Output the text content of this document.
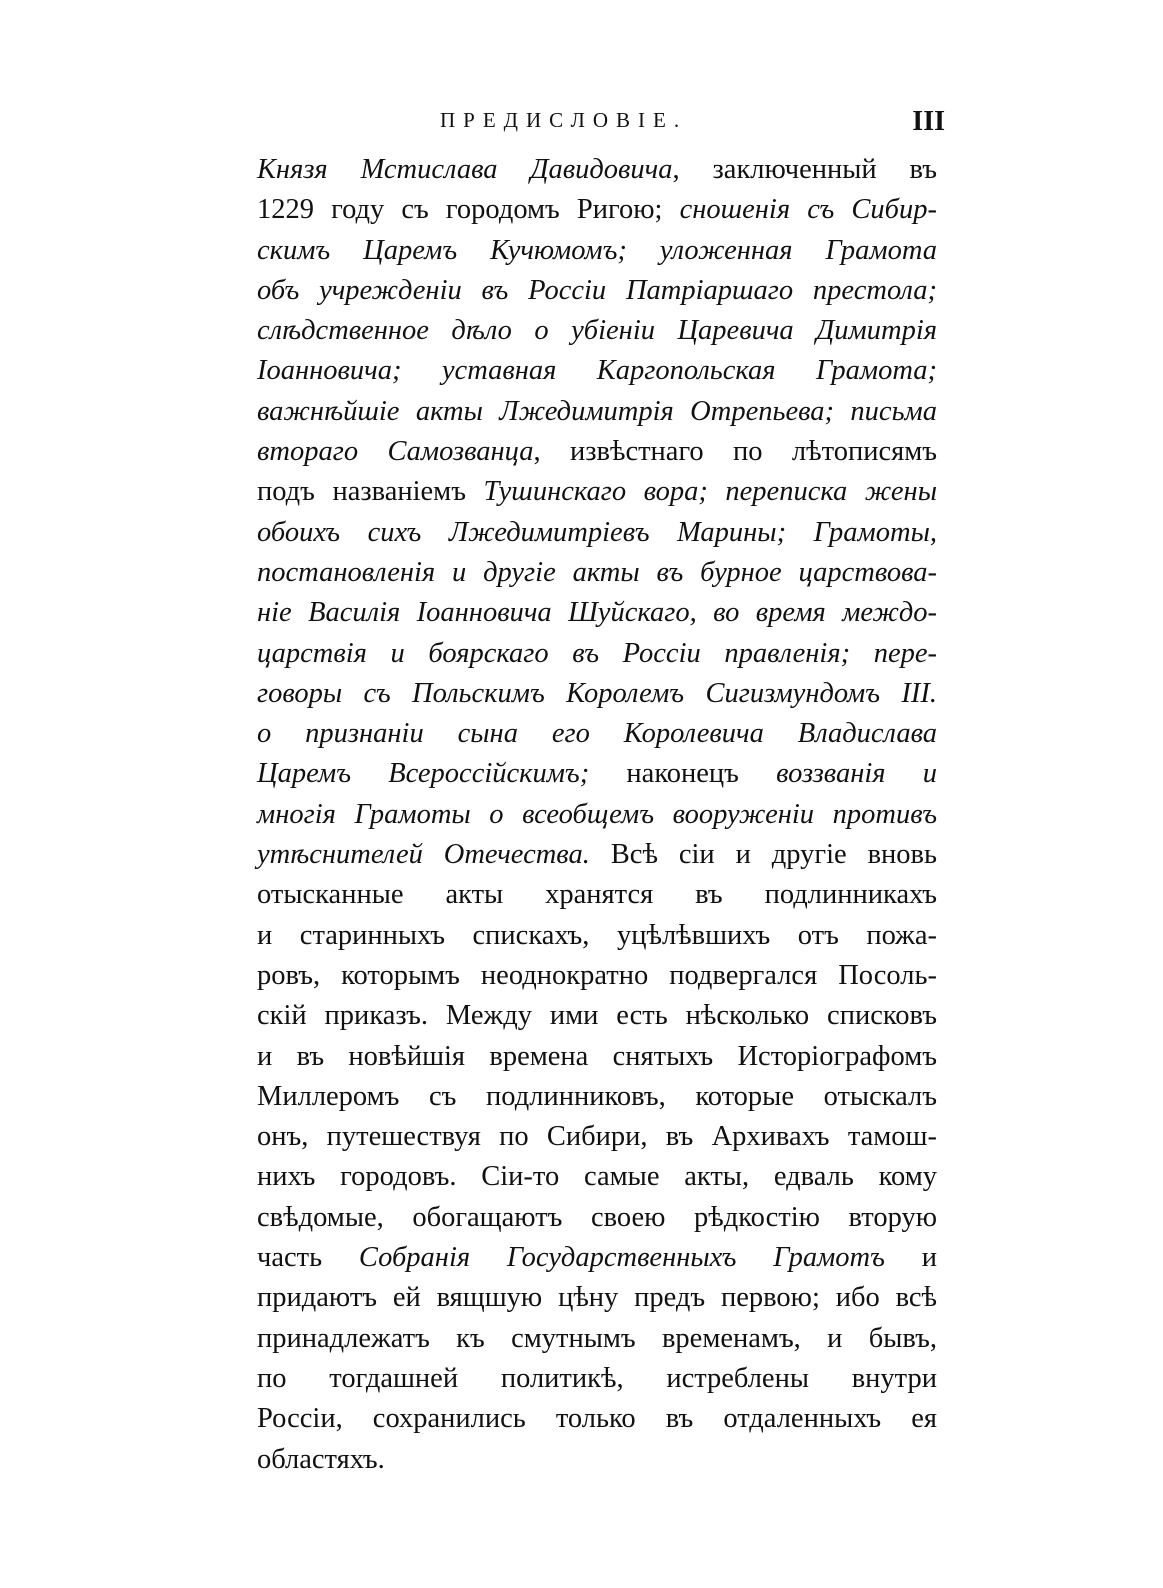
ПРЕДИСЛОВІЕ.	III
Князя Мстислава Давидовича, заключенный въ
1229 году съ городомъ Ригою; сношенія съ Сибир-
скимъ Царемъ Кучюмомъ; уложенная Грамота
объ учрежденіи въ Россіи Патріаршаго престола;
слѣдственное дѣло о убіеніи Царевича Димитрія
Іоанновича; уставная Каргопольская Грамота;
важнѣйшіе акты Лжедимитрія Отрепьева; письма
втораго Самозванца, извѣстнаго по лѣтописямъ
подъ названіемъ Тушинскаго вора; переписка жены
обоихъ сихъ Лжедимитріевъ Марины; Грамоты,
постановленія и другіе акты въ бурное царствова-
ніе Василія Іоанновича Шуйскаго, во время междо-
царствія и боярскаго въ Россіи правленія; пере-
говоры съ Польскимъ Королемъ Сигизмундомъ III.
о признаніи сына его Королевича Владислава
Царемъ Всероссійскимъ; наконецъ воззванія и
многія Грамоты о всеобщемъ вооруженіи противъ
утѣснителей Отечества. Всѣ сіи и другіе вновь
отысканные акты хранятся въ подлинникахъ
и старинныхъ спискахъ, уцѣлѣвшихъ отъ пожа-
ровъ, которымъ неоднократно подвергался Посоль-
скій приказъ. Между ими есть нѣсколько списковъ
и въ новѣйшія времена снятыхъ Исторіографомъ
Миллеромъ съ подлинниковъ, которые отыскалъ
онъ, путешествуя по Сибири, въ Архивахъ тамош-
нихъ городовъ. Сіи-то самые акты, едваль кому
свѣдомые, обогащаютъ своею рѣдкостію вторую
часть Собранія Государственныхъ Грамотъ и
придаютъ ей вящшую цѣну предъ первою; ибо всѣ
принадлежатъ къ смутнымъ временамъ, и бывъ,
по тогдашней политикѣ, истреблены внутри
Россіи, сохранились только въ отдаленныхъ ея
областяхъ.
